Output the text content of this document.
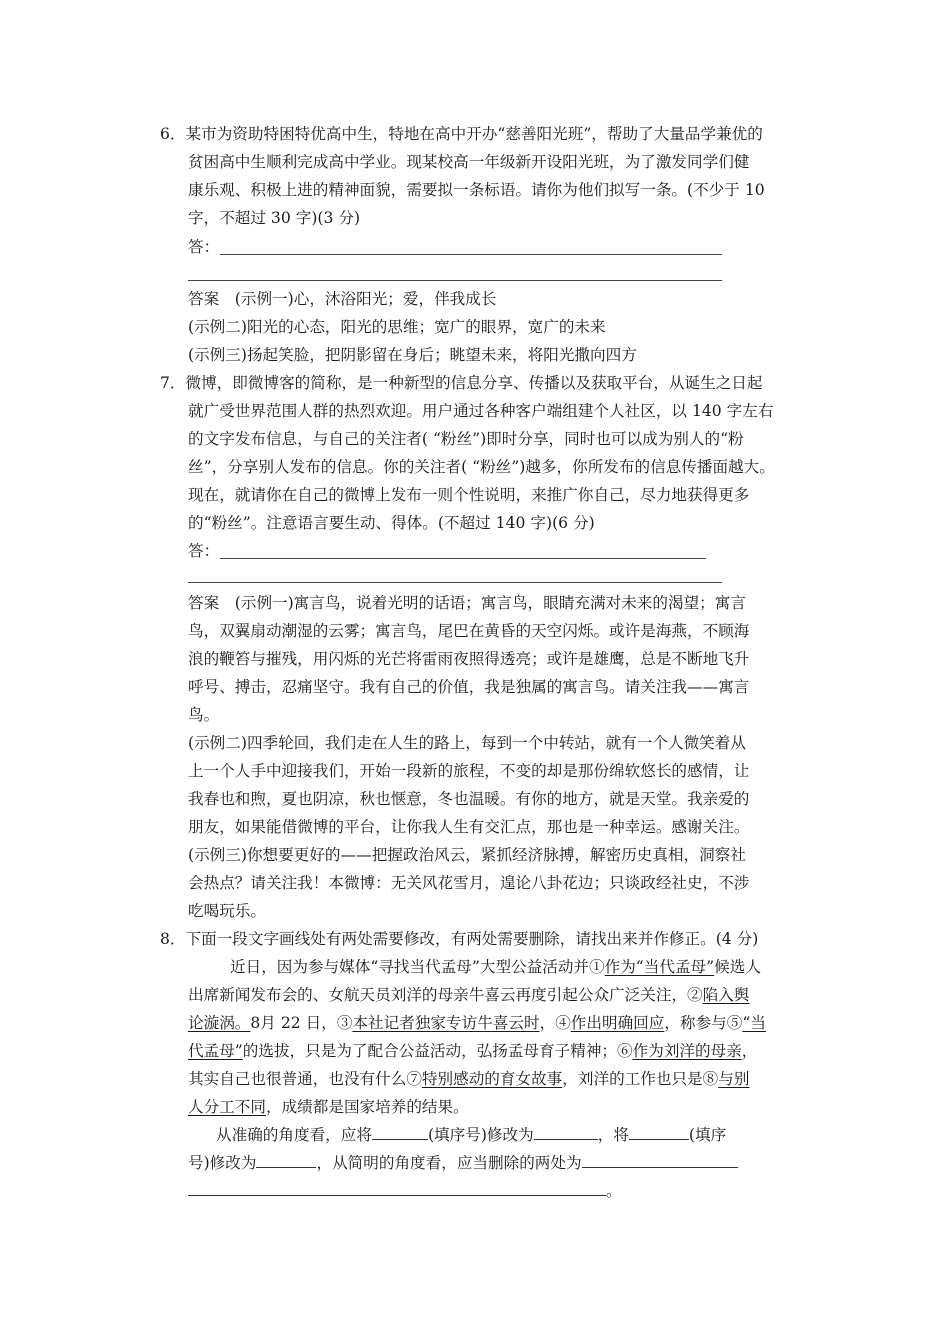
6．某市为资助特困特优高中生，特地在高中开办“慈善阳光班”，帮助了大量品学兼优的
贫困高中生顺利完成高中学业。现某校高一年级新开设阳光班，为了激发同学们健
康乐观、积极上进的精神面貌，需要拟一条标语。请你为他们拟写一条。(不少于 10
字，不超过 30 字)(3 分)
答：
答案　(示例一)心，沐浴阳光；爱，伴我成长
(示例二)阳光的心态，阳光的思维；宽广的眼界，宽广的未来
(示例三)扬起笑脸，把阴影留在身后；眺望未来，将阳光撒向四方
7．微博，即微博客的简称，是一种新型的信息分享、传播以及获取平台，从诞生之日起
就广受世界范围人群的热烈欢迎。用户通过各种客户端组建个人社区，以 140 字左右
的文字发布信息，与自己的关注者( “粉丝”)即时分享，同时也可以成为别人的“粉
丝”，分享别人发布的信息。你的关注者( “粉丝”)越多，你所发布的信息传播面越大。
现在，就请你在自己的微博上发布一则个性说明，来推广你自己，尽力地获得更多
的“粉丝”。注意语言要生动、得体。(不超过 140 字)(6 分)
答：
答案　(示例一)寓言鸟，说着光明的话语；寓言鸟，眼睛充满对未来的渴望；寓言
鸟，双翼扇动潮湿的云雾；寓言鸟，尾巴在黄昏的天空闪烁。或许是海燕，不顾海
浪的鞭笞与摧残，用闪烁的光芒将雷雨夜照得透亮；或许是雄鹰，总是不断地飞升
呼号、搏击，忍痛坚守。我有自己的价值，我是独属的寓言鸟。请关注我——寓言
鸟。
(示例二)四季轮回，我们走在人生的路上，每到一个中转站，就有一个人微笑着从
上一个人手中迎接我们，开始一段新的旅程，不变的却是那份绵软悠长的感情，让
我春也和煦，夏也阴凉，秋也惬意，冬也温暖。有你的地方，就是天堂。我亲爱的
朋友，如果能借微博的平台，让你我人生有交汇点，那也是一种幸运。感谢关注。
(示例三)你想要更好的——把握政治风云，紧抓经济脉搏，解密历史真相，洞察社
会热点？请关注我！本微博：无关风花雪月，遑论八卦花边；只谈政经社史，不涉
吃喝玩乐。
8．下面一段文字画线处有两处需要修改，有两处需要删除，请找出来并作修正。(4 分)
近日，因为参与媒体“寻找当代孟母”大型公益活动并①作为“当代孟母”候选人
出席新闻发布会的、女航天员刘洋的母亲牛喜云再度引起公众广泛关注，②陷入舆
论漩涡。8月 22 日，③本社记者独家专访牛喜云时，④作出明确回应，称参与⑤“当
代孟母”的选拔，只是为了配合公益活动，弘扬孟母育子精神；⑥作为刘洋的母亲，
其实自己也很普通，也没有什么⑦特别感动的育女故事，刘洋的工作也只是⑧与别
人分工不同，成绩都是国家培养的结果。
从准确的角度看，应将	(填序号)修改为	，将	(填序
号)修改为	，从简明的角度看，应当删除的两处为
。
